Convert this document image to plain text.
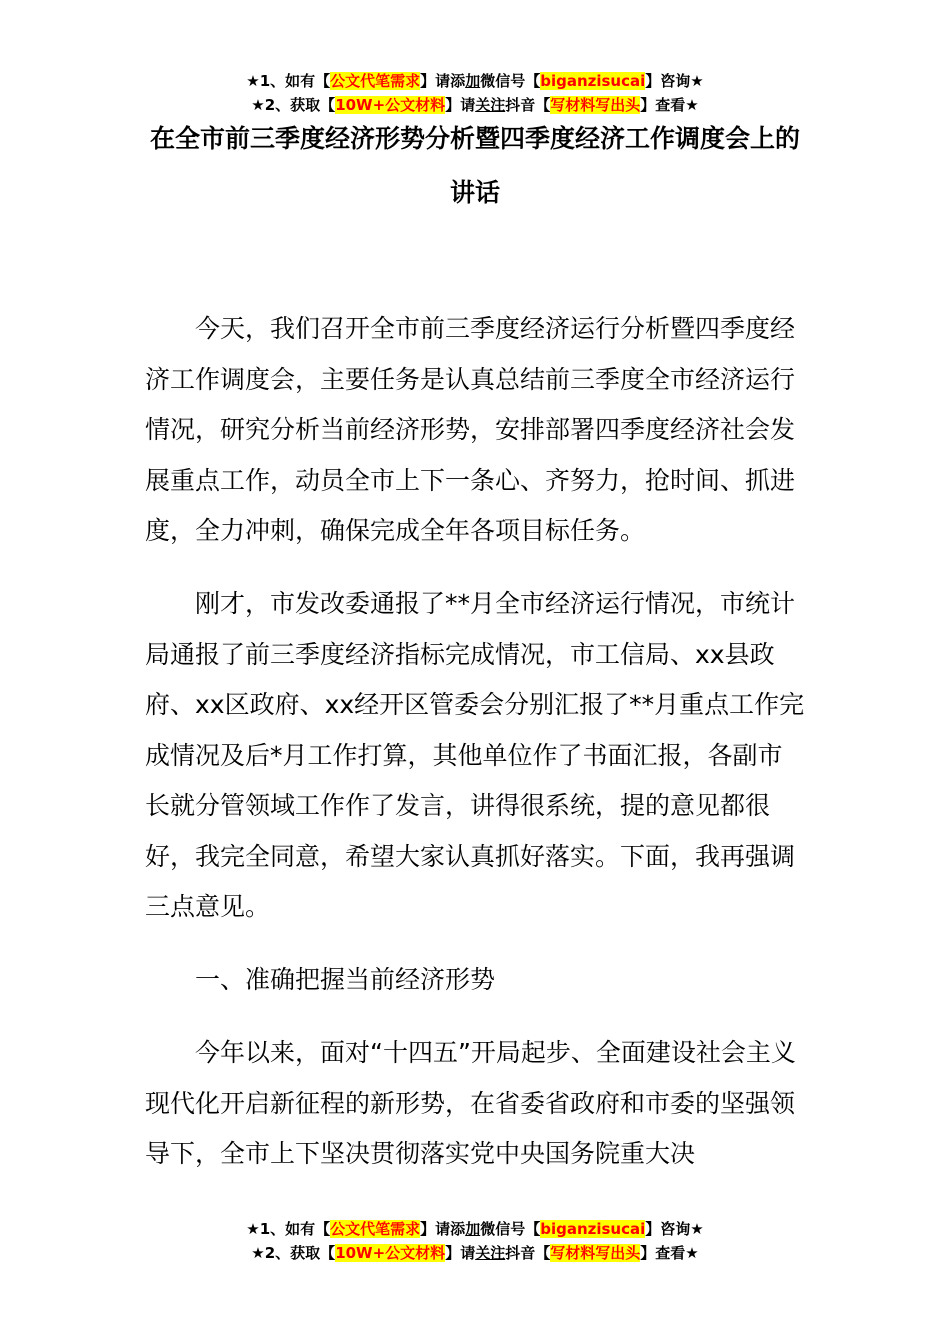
★1、如有【公文代笔需求】请添加微信号【biganzisucai】咨询★
★2、获取【10W+公文材料】请关注抖音【写材料写出头】查看★
在全市前三季度经济形势分析暨四季度经济工作调度会上的讲话

今天，我们召开全市前三季度经济运行分析暨四季度经济工作调度会，主要任务是认真总结前三季度全市经济运行情况，研究分析当前经济形势，安排部署四季度经济社会发展重点工作，动员全市上下一条心、齐努力，抢时间、抓进度，全力冲刺，确保完成全年各项目标任务。

刚才，市发改委通报了**月全市经济运行情况，市统计局通报了前三季度经济指标完成情况，市工信局、xx县政府、xx区政府、xx经开区管委会分别汇报了**月重点工作完成情况及后*月工作打算，其他单位作了书面汇报，各副市长就分管领域工作作了发言，讲得很系统，提的意见都很好，我完全同意，希望大家认真抓好落实。下面，我再强调三点意见。

一、准确把握当前经济形势

今年以来，面对“十四五”开局起步、全面建设社会主义现代化开启新征程的新形势，在省委省政府和市委的坚强领导下，全市上下坚决贯彻落实党中央国务院重大决

★1、如有【公文代笔需求】请添加微信号【biganzisucai】咨询★
★2、获取【10W+公文材料】请关注抖音【写材料写出头】查看★
